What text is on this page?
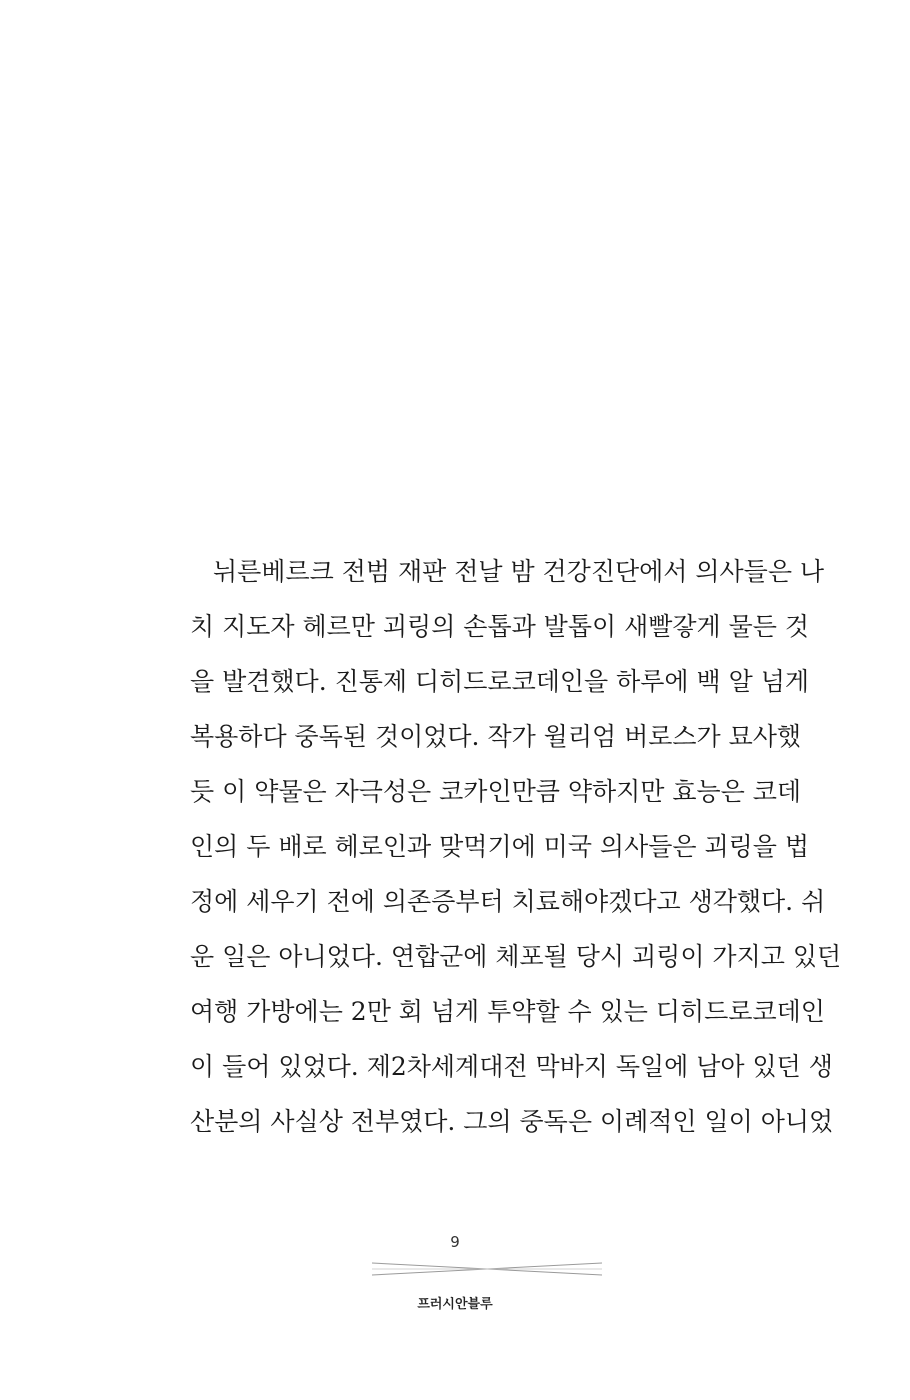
뉘른베르크 전범 재판 전날 밤 건강진단에서 의사들은 나
치 지도자 헤르만 괴링의 손톱과 발톱이 새빨갛게 물든 것
을 발견했다. 진통제 디히드로코데인을 하루에 백 알 넘게
복용하다 중독된 것이었다. 작가 윌리엄 버로스가 묘사했
듯 이 약물은 자극성은 코카인만큼 약하지만 효능은 코데
인의 두 배로 헤로인과 맞먹기에 미국 의사들은 괴링을 법
정에 세우기 전에 의존증부터 치료해야겠다고 생각했다. 쉬
운 일은 아니었다. 연합군에 체포될 당시 괴링이 가지고 있던
여행 가방에는 2만 회 넘게 투약할 수 있는 디히드로코데인
이 들어 있었다. 제2차세계대전 막바지 독일에 남아 있던 생
산분의 사실상 전부였다. 그의 중독은 이례적인 일이 아니었
9
프러시안블루
